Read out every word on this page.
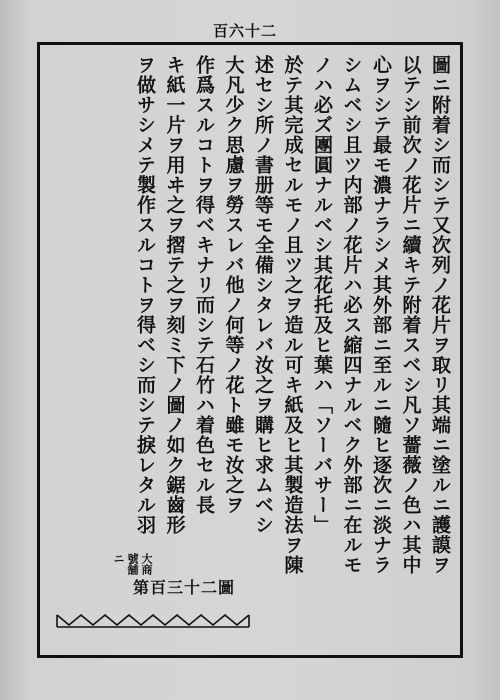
百六十二
圖ニ附着シ而シテ又次列ノ花片ヲ取リ其端ニ塗ルニ護謨ヲ
以テシ前次ノ花片ニ續キテ附着スベシ凡ソ薔薇ノ色ハ其中
心ヲシテ最モ濃ナラシメ其外部ニ至ルニ隨ヒ逐次ニ淡ナラ
シムベシ且ツ内部ノ花片ハ必ス縮四ナルベク外部ニ在ルモ
ノハ必ズ團圓ナルベシ其花托及ヒ葉ハ「ソーバサー」
於テ其完成セルモノ且ツ之ヲ造ル可キ紙及ヒ其製造法ヲ陳
述セシ所ノ書册等モ全備シタレバ汝之ヲ購ヒ求ムベシ
大凡少ク思慮ヲ勞スレバ他ノ何等ノ花ト雖モ汝之ヲ
作爲スルコトヲ得ベキナリ而シテ石竹ハ着色セル長
キ紙一片ヲ用ヰ之ヲ摺テ之ヲ刻ミ下ノ圖ノ如ク鋸齒形
ヲ做サシメテ製作スルコトヲ得ベシ而シテ捩レタル羽
大商
號舗
ニ
第百三十二圖
